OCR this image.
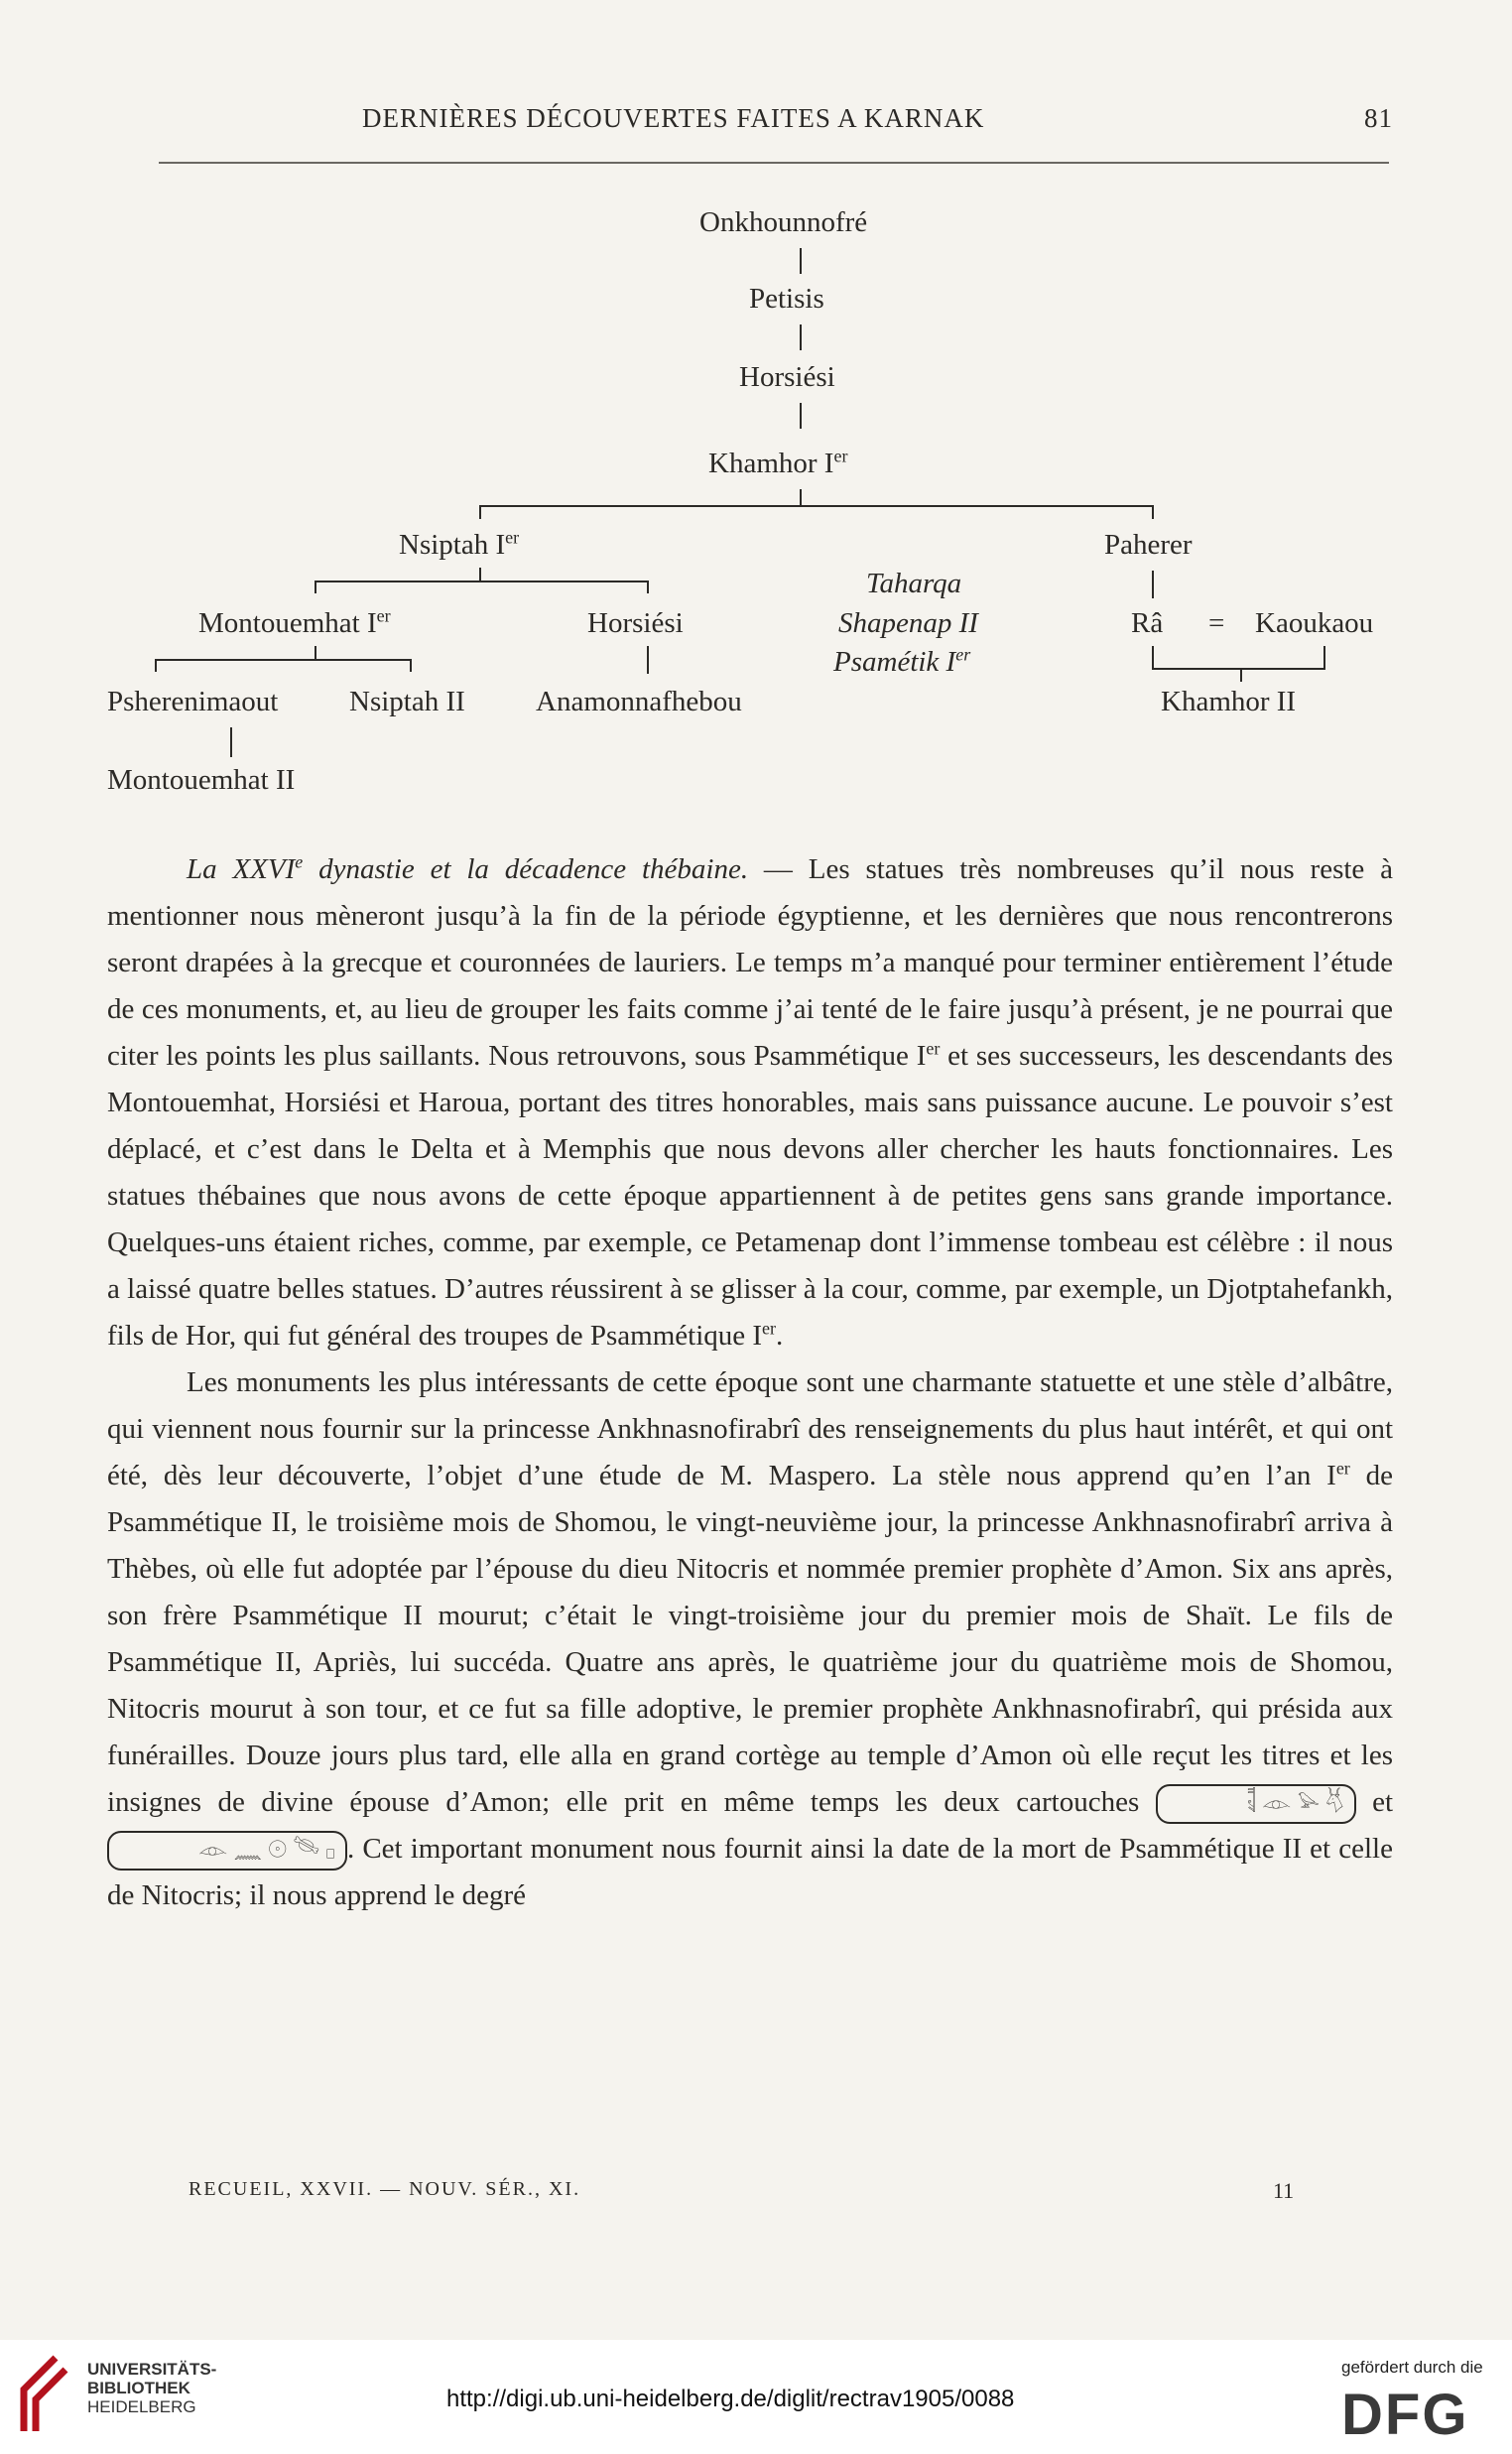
DERNIÈRES DÉCOUVERTES FAITES A KARNAK	81
Onkhounnofré
Petisis
Horsiési
Khamhor Ier
Nsiptah Ier	Paherer
Taharqa
Montouemhat Ier	Horsiési	Shapenap II	Râ = Kaoukaou
Psamétik Ier
Psherenimaout Nsiptah II Anamonnafhebou	Khamhor II
Montouemhat II

La XXVIe dynastie et la décadence thébaine. — Les statues très nombreuses qu’il nous reste à mentionner nous mèneront jusqu’à la fin de la période égyptienne, et les dernières que nous rencontrerons seront drapées à la grecque et couronnées de lauriers. Le temps m’a manqué pour terminer entièrement l’étude de ces monuments, et, au lieu de grouper les faits comme j’ai tenté de le faire jusqu’à présent, je ne pourrai que citer les points les plus saillants. Nous retrouvons, sous Psammétique Ier et ses successeurs, les descendants des Montouemhat, Horsiési et Haroua, portant des titres honorables, mais sans puissance aucune. Le pouvoir s’est déplacé, et c’est dans le Delta et à Memphis que nous devons aller chercher les hauts fonctionnaires. Les statues thébaines que nous avons de cette époque appartiennent à de petites gens sans grande importance. Quelques-uns étaient riches, comme, par exemple, ce Petamenap dont l’immense tombeau est célèbre : il nous a laissé quatre belles statues. D’autres réussirent à se glisser à la cour, comme, par exemple, un Djotptahefankh, fils de Hor, qui fut général des troupes de Psammétique Ier.

Les monuments les plus intéressants de cette époque sont une charmante statuette et une stèle d’albâtre, qui viennent nous fournir sur la princesse Ankhnasnofirabrî des renseignements du plus haut intérêt, et qui ont été, dès leur découverte, l’objet d’une étude de M. Maspero. La stèle nous apprend qu’en l’an Ier de Psammétique II, le troisième mois de Shomou, le vingt-neuvième jour, la princesse Ankhnasnofirabrî arriva à Thèbes, où elle fut adoptée par l’épouse du dieu Nitocris et nommée premier prophète d’Amon. Six ans après, son frère Psammétique II mourut; c’était le vingt-troisième jour du premier mois de Shaït. Le fils de Psammétique II, Apriès, lui succéda. Quatre ans après, le quatrième jour du quatrième mois de Shomou, Nitocris mourut à son tour, et ce fut sa fille adoptive, le premier prophète Ankhnasnofirabrî, qui présida aux funérailles. Douze jours plus tard, elle alla en grand cortège au temple d’Amon où elle reçut les titres et les insignes de divine épouse d’Amon; elle prit en même temps les deux cartouches	𓌟 𓁹 𓅫 𓄃 et 𓁹 𓈖 𓇳 𓄯 𓊪 . Cet important monument nous fournit ainsi la date de la mort de Psammétique II et celle de Nitocris; il nous apprend le degré

RECUEIL, XXVII. — NOUV. SÉR., XI.	11
UNIVERSITÄTS-
BIBLIOTHEK
HEIDELBERG	http://digi.ub.uni-heidelberg.de/diglit/rectrav1905/0088
gefördert durch die
DFG
